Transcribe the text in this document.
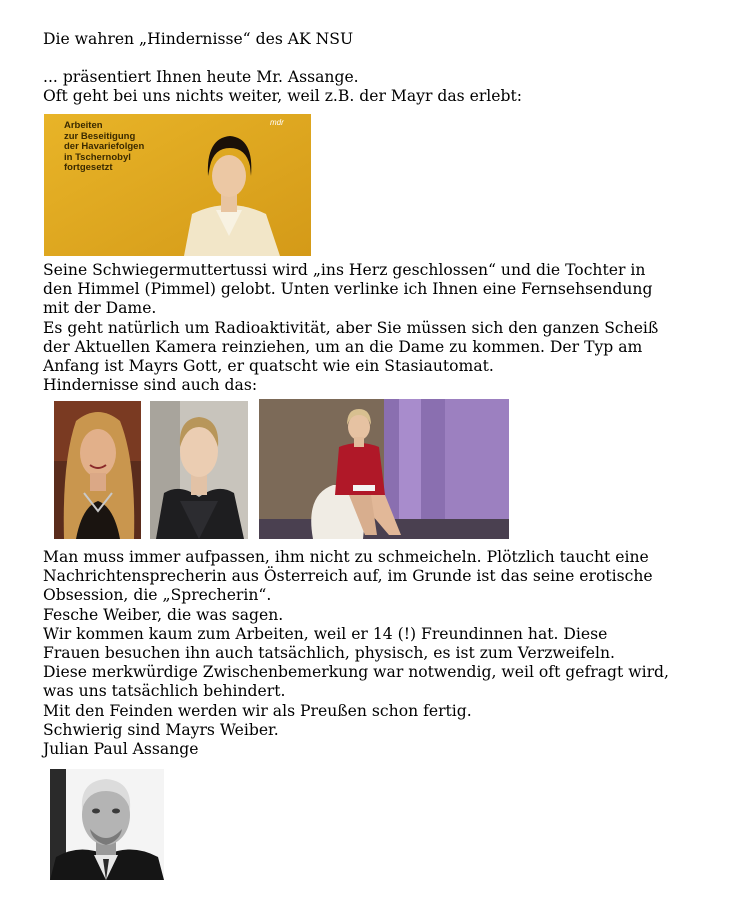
Die wahren „Hindernisse“ des AK NSU

... präsentiert Ihnen heute Mr. Assange.

Oft geht bei uns nichts weiter, weil z.B. der Mayr das erlebt:

Seine Schwiegermuttertussi wird „ins Herz geschlossen“ und die Tochter in

den Himmel (Pimmel) gelobt. Unten verlinke ich Ihnen eine Fernsehsendung

mit der Dame.

Es geht natürlich um Radioaktivität, aber Sie müssen sich den ganzen Scheiß

der Aktuellen Kamera reinziehen, um an die Dame zu kommen. Der Typ am

Anfang ist Mayrs Gott, er quatscht wie ein Stasiautomat.

Hindernisse sind auch das:

Man muss immer aufpassen, ihm nicht zu schmeicheln. Plötzlich taucht eine

Nachrichtensprecherin aus Österreich auf, im Grunde ist das seine erotische

Obsession, die „Sprecherin“.

Fesche Weiber, die was sagen.

Wir kommen kaum zum Arbeiten, weil er 14 (!) Freundinnen hat. Diese

Frauen besuchen ihn auch tatsächlich, physisch, es ist zum Verzweifeln.

Diese merkwürdige Zwischenbemerkung war notwendig, weil oft gefragt wird,

was uns tatsächlich behindert.

Mit den Feinden werden wir als Preußen schon fertig.

Schwierig sind Mayrs Weiber.

Julian Paul Assange

Arbeiten
zur Beseitigung
der Havariefolgen
in Tschernobyl
fortgesetzt
mdr
